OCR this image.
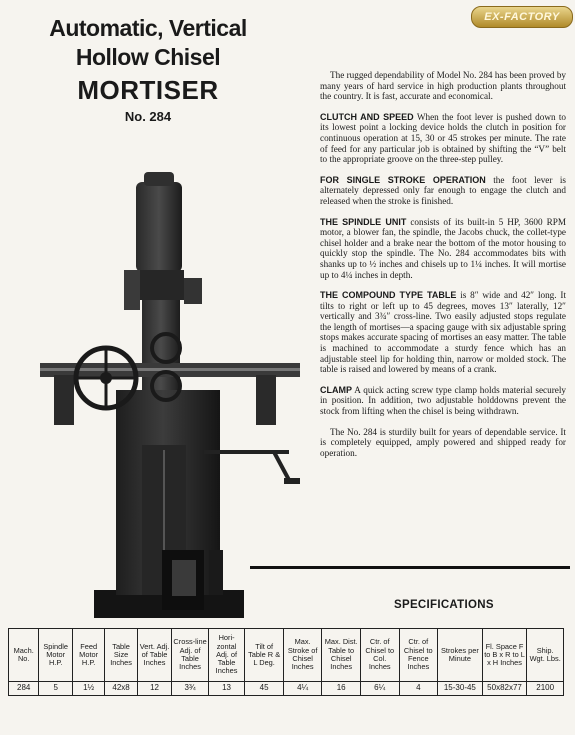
Automatic, Vertical
Hollow Chisel
MORTISER
No. 284
EX-FACTORY

The rugged dependability of Model No. 284 has been proved by many years of hard service in high production plants throughout the country. It is fast, accurate and economical.

CLUTCH AND SPEED When the foot lever is pushed down to its lowest point a locking device holds the clutch in position for continuous operation at 15, 30 or 45 strokes per minute. The rate of feed for any particular job is obtained by shifting the “V” belt to the appropriate groove on the three-step pulley.

FOR SINGLE STROKE OPERATION the foot lever is alternately depressed only far enough to engage the clutch and released when the stroke is finished.

THE SPINDLE UNIT consists of its built-in 5 HP, 3600 RPM motor, a blower fan, the spindle, the Jacobs chuck, the collet-type chisel holder and a brake near the bottom of the motor housing to quickly stop the spindle. The No. 284 accommodates bits with shanks up to ½ inches and chisels up to 1¼ inches. It will mortise up to 4¼ inches in depth.

THE COMPOUND TYPE TABLE is 8″ wide and 42″ long. It tilts to right or left up to 45 degrees, moves 13″ laterally, 12″ vertically and 3¾″ cross-line. Two easily adjusted stops regulate the length of mortises—a spacing gauge with six adjustable spring stops makes accurate spacing of mortises an easy matter. The table is machined to accommodate a sturdy fence which has an adjustable steel lip for holding thin, narrow or molded stock. The table is raised and lowered by means of a crank.

CLAMP A quick acting screw type clamp holds material securely in position. In addition, two adjustable holddowns prevent the stock from lifting when the chisel is being withdrawn.

The No. 284 is sturdily built for years of dependable service. It is completely equipped, amply powered and shipped ready for operation.

SPECIFICATIONS
Mach. No.	Spindle Motor H.P.	Feed Motor H.P.	Table Size Inches	Vert. Adj. of Table Inches	Cross-line Adj. of Table Inches	Hori-zontal Adj. of Table Inches	Tilt of Table R & L Deg.	Max. Stroke of Chisel Inches	Max. Dist. Table to Chisel Inches	Ctr. of Chisel to Col. Inches	Ctr. of Chisel to Fence Inches	Strokes per Minute	Fl. Space F to B x R to L x H Inches	Ship. Wgt. Lbs.
284	5	1½	42x8	12	3¾	13	45	4¼	16	6¼	4	15-30-45	50x82x77	2100
